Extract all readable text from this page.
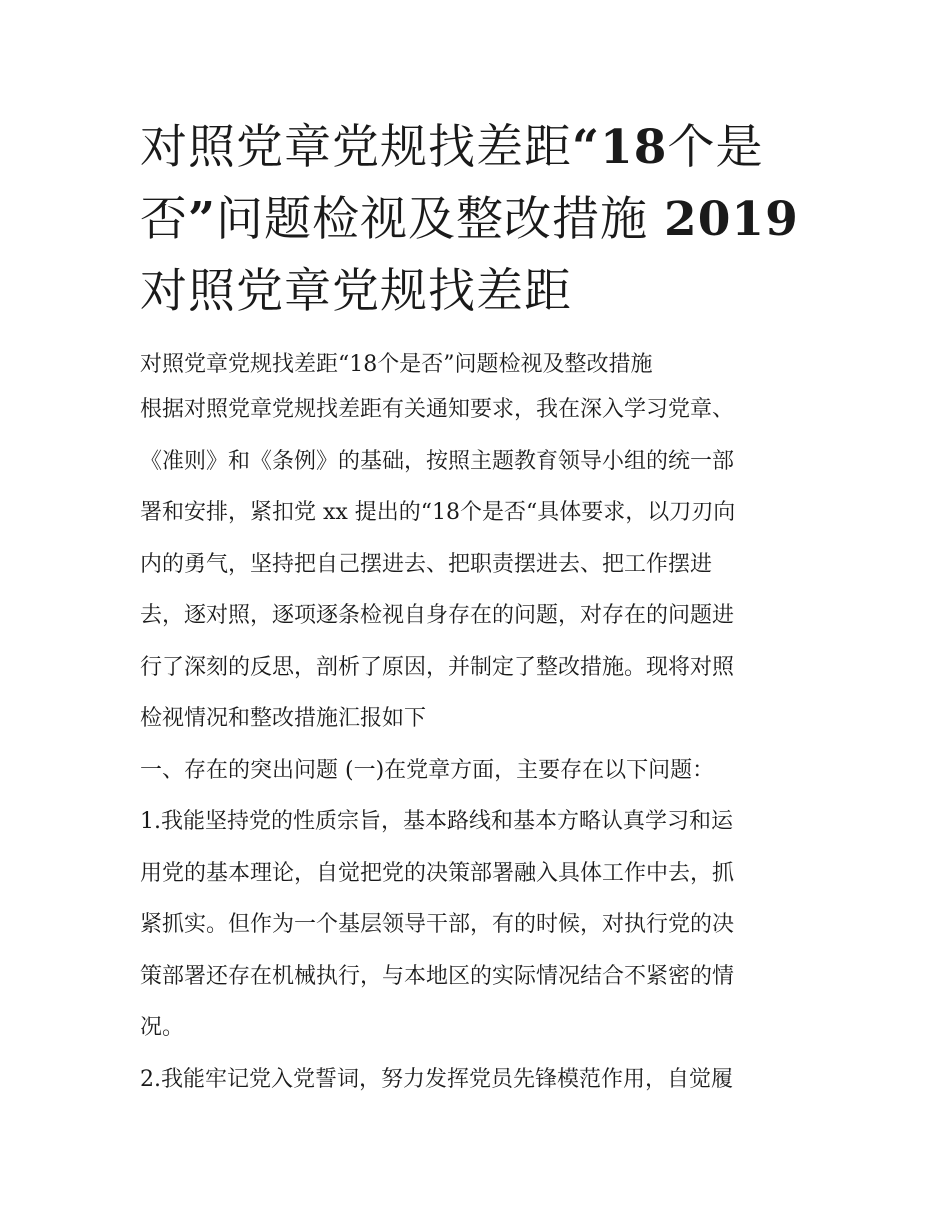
对照党章党规找差距“18个是
否”问题检视及整改措施 2019
对照党章党规找差距

对照党章党规找差距“18个是否”问题检视及整改措施

根据对照党章党规找差距有关通知要求，我在深入学习党章、
《准则》和《条例》的基础，按照主题教育领导小组的统一部
署和安排，紧扣党 xx 提出的“18个是否“具体要求，以刀刃向
内的勇气，坚持把自己摆进去、把职责摆进去、把工作摆进
去，逐对照，逐项逐条检视自身存在的问题，对存在的问题进
行了深刻的反思，剖析了原因，并制定了整改措施。现将对照
检视情况和整改措施汇报如下

一、存在的突出问题 (一)在党章方面，主要存在以下问题：

1.我能坚持党的性质宗旨，基本路线和基本方略认真学习和运
用党的基本理论，自觉把党的决策部署融入具体工作中去，抓
紧抓实。但作为一个基层领导干部，有的时候，对执行党的决
策部署还存在机械执行，与本地区的实际情况结合不紧密的情
况。

2.我能牢记党入党誓词，努力发挥党员先锋模范作用，自觉履
